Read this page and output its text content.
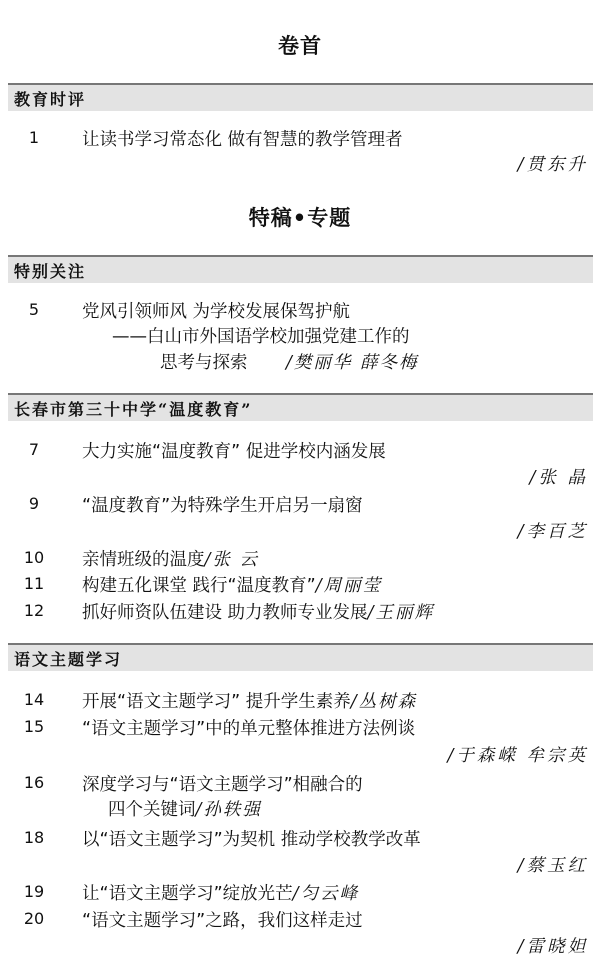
卷首
教育时评
1	让读书学习常态化 做有智慧的教学管理者
/贯东升
特稿•专题
特别关注
5	党风引领师风 为学校发展保驾护航
——白山市外国语学校加强党建工作的
思考与探索 /樊丽华 薛冬梅
长春市第三十中学“温度教育”
7	大力实施“温度教育” 促进学校内涵发展
/张 晶
9	“温度教育”为特殊学生开启另一扇窗
/李百芝
10	亲情班级的温度/张 云
11	构建五化课堂 践行“温度教育”/周丽莹
12	抓好师资队伍建设 助力教师专业发展/王丽辉
语文主题学习
14	开展“语文主题学习” 提升学生素养/丛树森
15	“语文主题学习”中的单元整体推进方法例谈
/于森嵘 牟宗英
16	深度学习与“语文主题学习”相融合的
四个关键词/孙轶强
18	以“语文主题学习”为契机 推动学校教学改革
/蔡玉红
19	让“语文主题学习”绽放光芒/匀云峰
20	“语文主题学习”之路，我们这样走过
/雷晓妲
